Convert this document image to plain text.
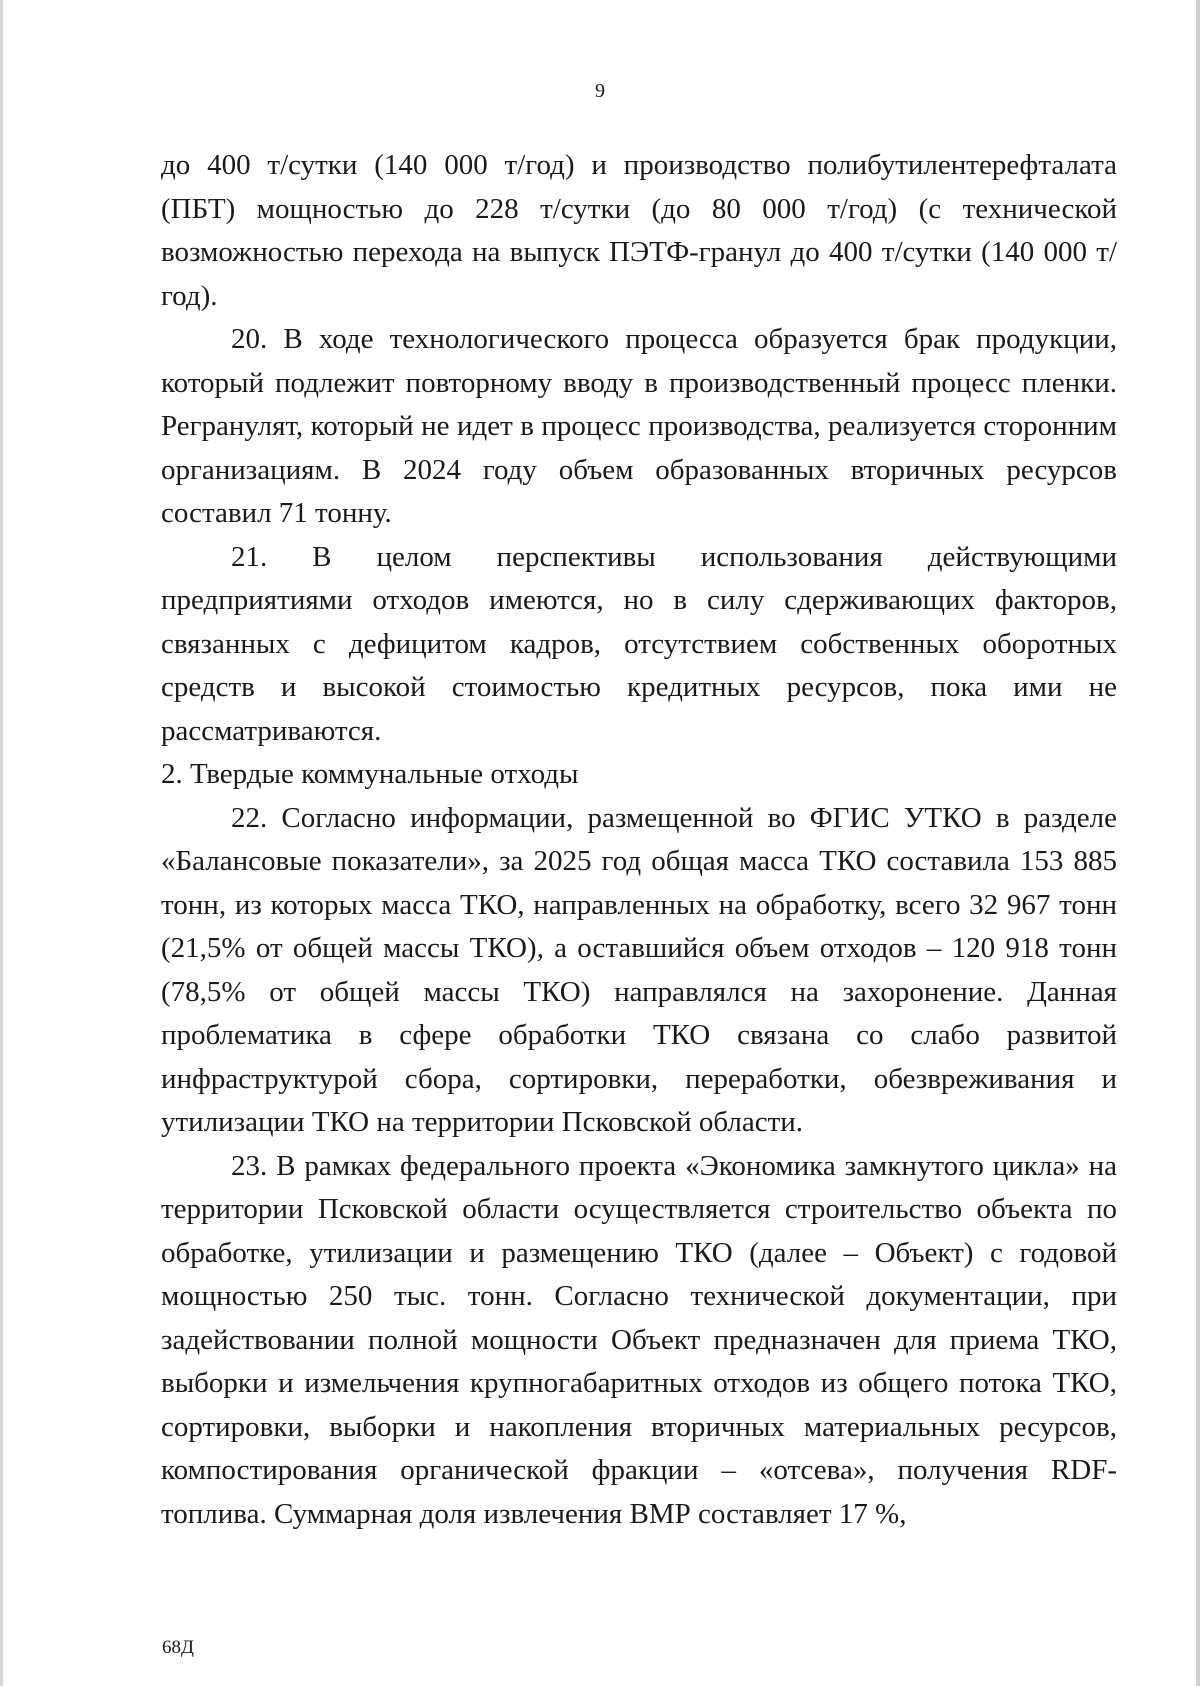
9

до 400 т/сутки (140 000 т/год) и производство полибутилентерефталата (ПБТ) мощностью до 228 т/сутки (до 80 000 т/год) (с технической возможностью перехода на выпуск ПЭТФ-гранул до 400 т/сутки (140 000 т/год).

20. В ходе технологического процесса образуется брак продукции, который подлежит повторному вводу в производственный процесс пленки. Регранулят, который не идет в процесс производства, реализуется сторонним организациям. В 2024 году объем образованных вторичных ресурсов составил 71 тонну.

21. В целом перспективы использования действующими предприятиями отходов имеются, но в силу сдерживающих факторов, связанных с дефицитом кадров, отсутствием собственных оборотных средств и высокой стоимостью кредитных ресурсов, пока ими не рассматриваются.

2. Твердые коммунальные отходы

22. Согласно информации, размещенной во ФГИС УТКО в разделе «Балансовые показатели», за 2025 год общая масса ТКО составила 153 885 тонн, из которых масса ТКО, направленных на обработку, всего 32 967 тонн (21,5% от общей массы ТКО), а оставшийся объем отходов – 120 918 тонн (78,5% от общей массы ТКО) направлялся на захоронение. Данная проблематика в сфере обработки ТКО связана со слабо развитой инфраструктурой сбора, сортировки, переработки, обезвреживания и утилизации ТКО на территории Псковской области.

23. В рамках федерального проекта «Экономика замкнутого цикла» на территории Псковской области осуществляется строительство объекта по обработке, утилизации и размещению ТКО (далее – Объект) с годовой мощностью 250 тыс. тонн. Согласно технической документации, при задействовании полной мощности Объект предназначен для приема ТКО, выборки и измельчения крупногабаритных отходов из общего потока ТКО, сортировки, выборки и накопления вторичных материальных ресурсов, компостирования органической фракции – «отсева», получения RDF-топлива. Суммарная доля извлечения ВМР составляет 17 %,

68Д
